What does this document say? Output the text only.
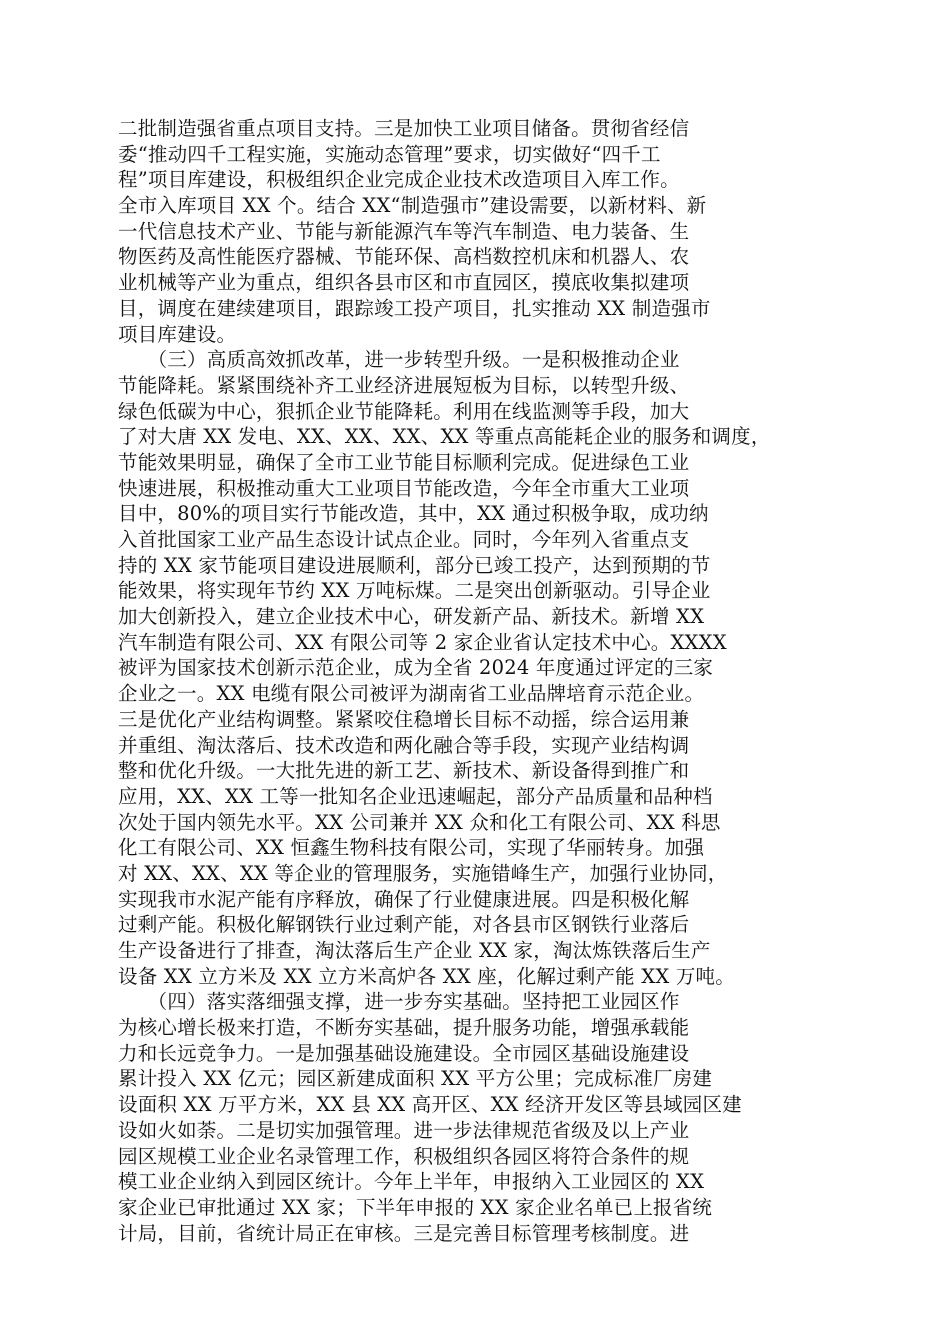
二批制造强省重点项目支持。三是加快工业项目储备。贯彻省经信
委“推动四千工程实施，实施动态管理”要求，切实做好“四千工
程”项目库建设，积极组织企业完成企业技术改造项目入库工作。
全市入库项目 XX 个。结合 XX“制造强市”建设需要，以新材料、新
一代信息技术产业、节能与新能源汽车等汽车制造、电力装备、生
物医药及高性能医疗器械、节能环保、高档数控机床和机器人、农
业机械等产业为重点，组织各县市区和市直园区，摸底收集拟建项
目，调度在建续建项目，跟踪竣工投产项目，扎实推动 XX 制造强市
项目库建设。
　　（三）高质高效抓改革，进一步转型升级。一是积极推动企业
节能降耗。紧紧围绕补齐工业经济进展短板为目标，以转型升级、
绿色低碳为中心，狠抓企业节能降耗。利用在线监测等手段，加大
了对大唐 XX 发电、XX、XX、XX、XX 等重点高能耗企业的服务和调度，
节能效果明显，确保了全市工业节能目标顺利完成。促进绿色工业
快速进展，积极推动重大工业项目节能改造，今年全市重大工业项
目中，80%的项目实行节能改造，其中，XX 通过积极争取，成功纳
入首批国家工业产品生态设计试点企业。同时，今年列入省重点支
持的 XX 家节能项目建设进展顺利，部分已竣工投产，达到预期的节
能效果，将实现年节约 XX 万吨标煤。二是突出创新驱动。引导企业
加大创新投入，建立企业技术中心，研发新产品、新技术。新增 XX
汽车制造有限公司、XX 有限公司等 2 家企业省认定技术中心。XXXX
被评为国家技术创新示范企业，成为全省 2024 年度通过评定的三家
企业之一。XX 电缆有限公司被评为湖南省工业品牌培育示范企业。
三是优化产业结构调整。紧紧咬住稳增长目标不动摇，综合运用兼
并重组、淘汰落后、技术改造和两化融合等手段，实现产业结构调
整和优化升级。一大批先进的新工艺、新技术、新设备得到推广和
应用，XX、XX 工等一批知名企业迅速崛起，部分产品质量和品种档
次处于国内领先水平。XX 公司兼并 XX 众和化工有限公司、XX 科思
化工有限公司、XX 恒鑫生物科技有限公司，实现了华丽转身。加强
对 XX、XX、XX 等企业的管理服务，实施错峰生产，加强行业协同，
实现我市水泥产能有序释放，确保了行业健康进展。四是积极化解
过剩产能。积极化解钢铁行业过剩产能，对各县市区钢铁行业落后
生产设备进行了排查，淘汰落后生产企业 XX 家，淘汰炼铁落后生产
设备 XX 立方米及 XX 立方米高炉各 XX 座，化解过剩产能 XX 万吨。
　　（四）落实落细强支撑，进一步夯实基础。坚持把工业园区作
为核心增长极来打造，不断夯实基础，提升服务功能，增强承载能
力和长远竞争力。一是加强基础设施建设。全市园区基础设施建设
累计投入 XX 亿元；园区新建成面积 XX 平方公里；完成标准厂房建
设面积 XX 万平方米，XX 县 XX 高开区、XX 经济开发区等县域园区建
设如火如荼。二是切实加强管理。进一步法律规范省级及以上产业
园区规模工业企业名录管理工作，积极组织各园区将符合条件的规
模工业企业纳入到园区统计。今年上半年，申报纳入工业园区的 XX
家企业已审批通过 XX 家；下半年申报的 XX 家企业名单已上报省统
计局，目前，省统计局正在审核。三是完善目标管理考核制度。进
